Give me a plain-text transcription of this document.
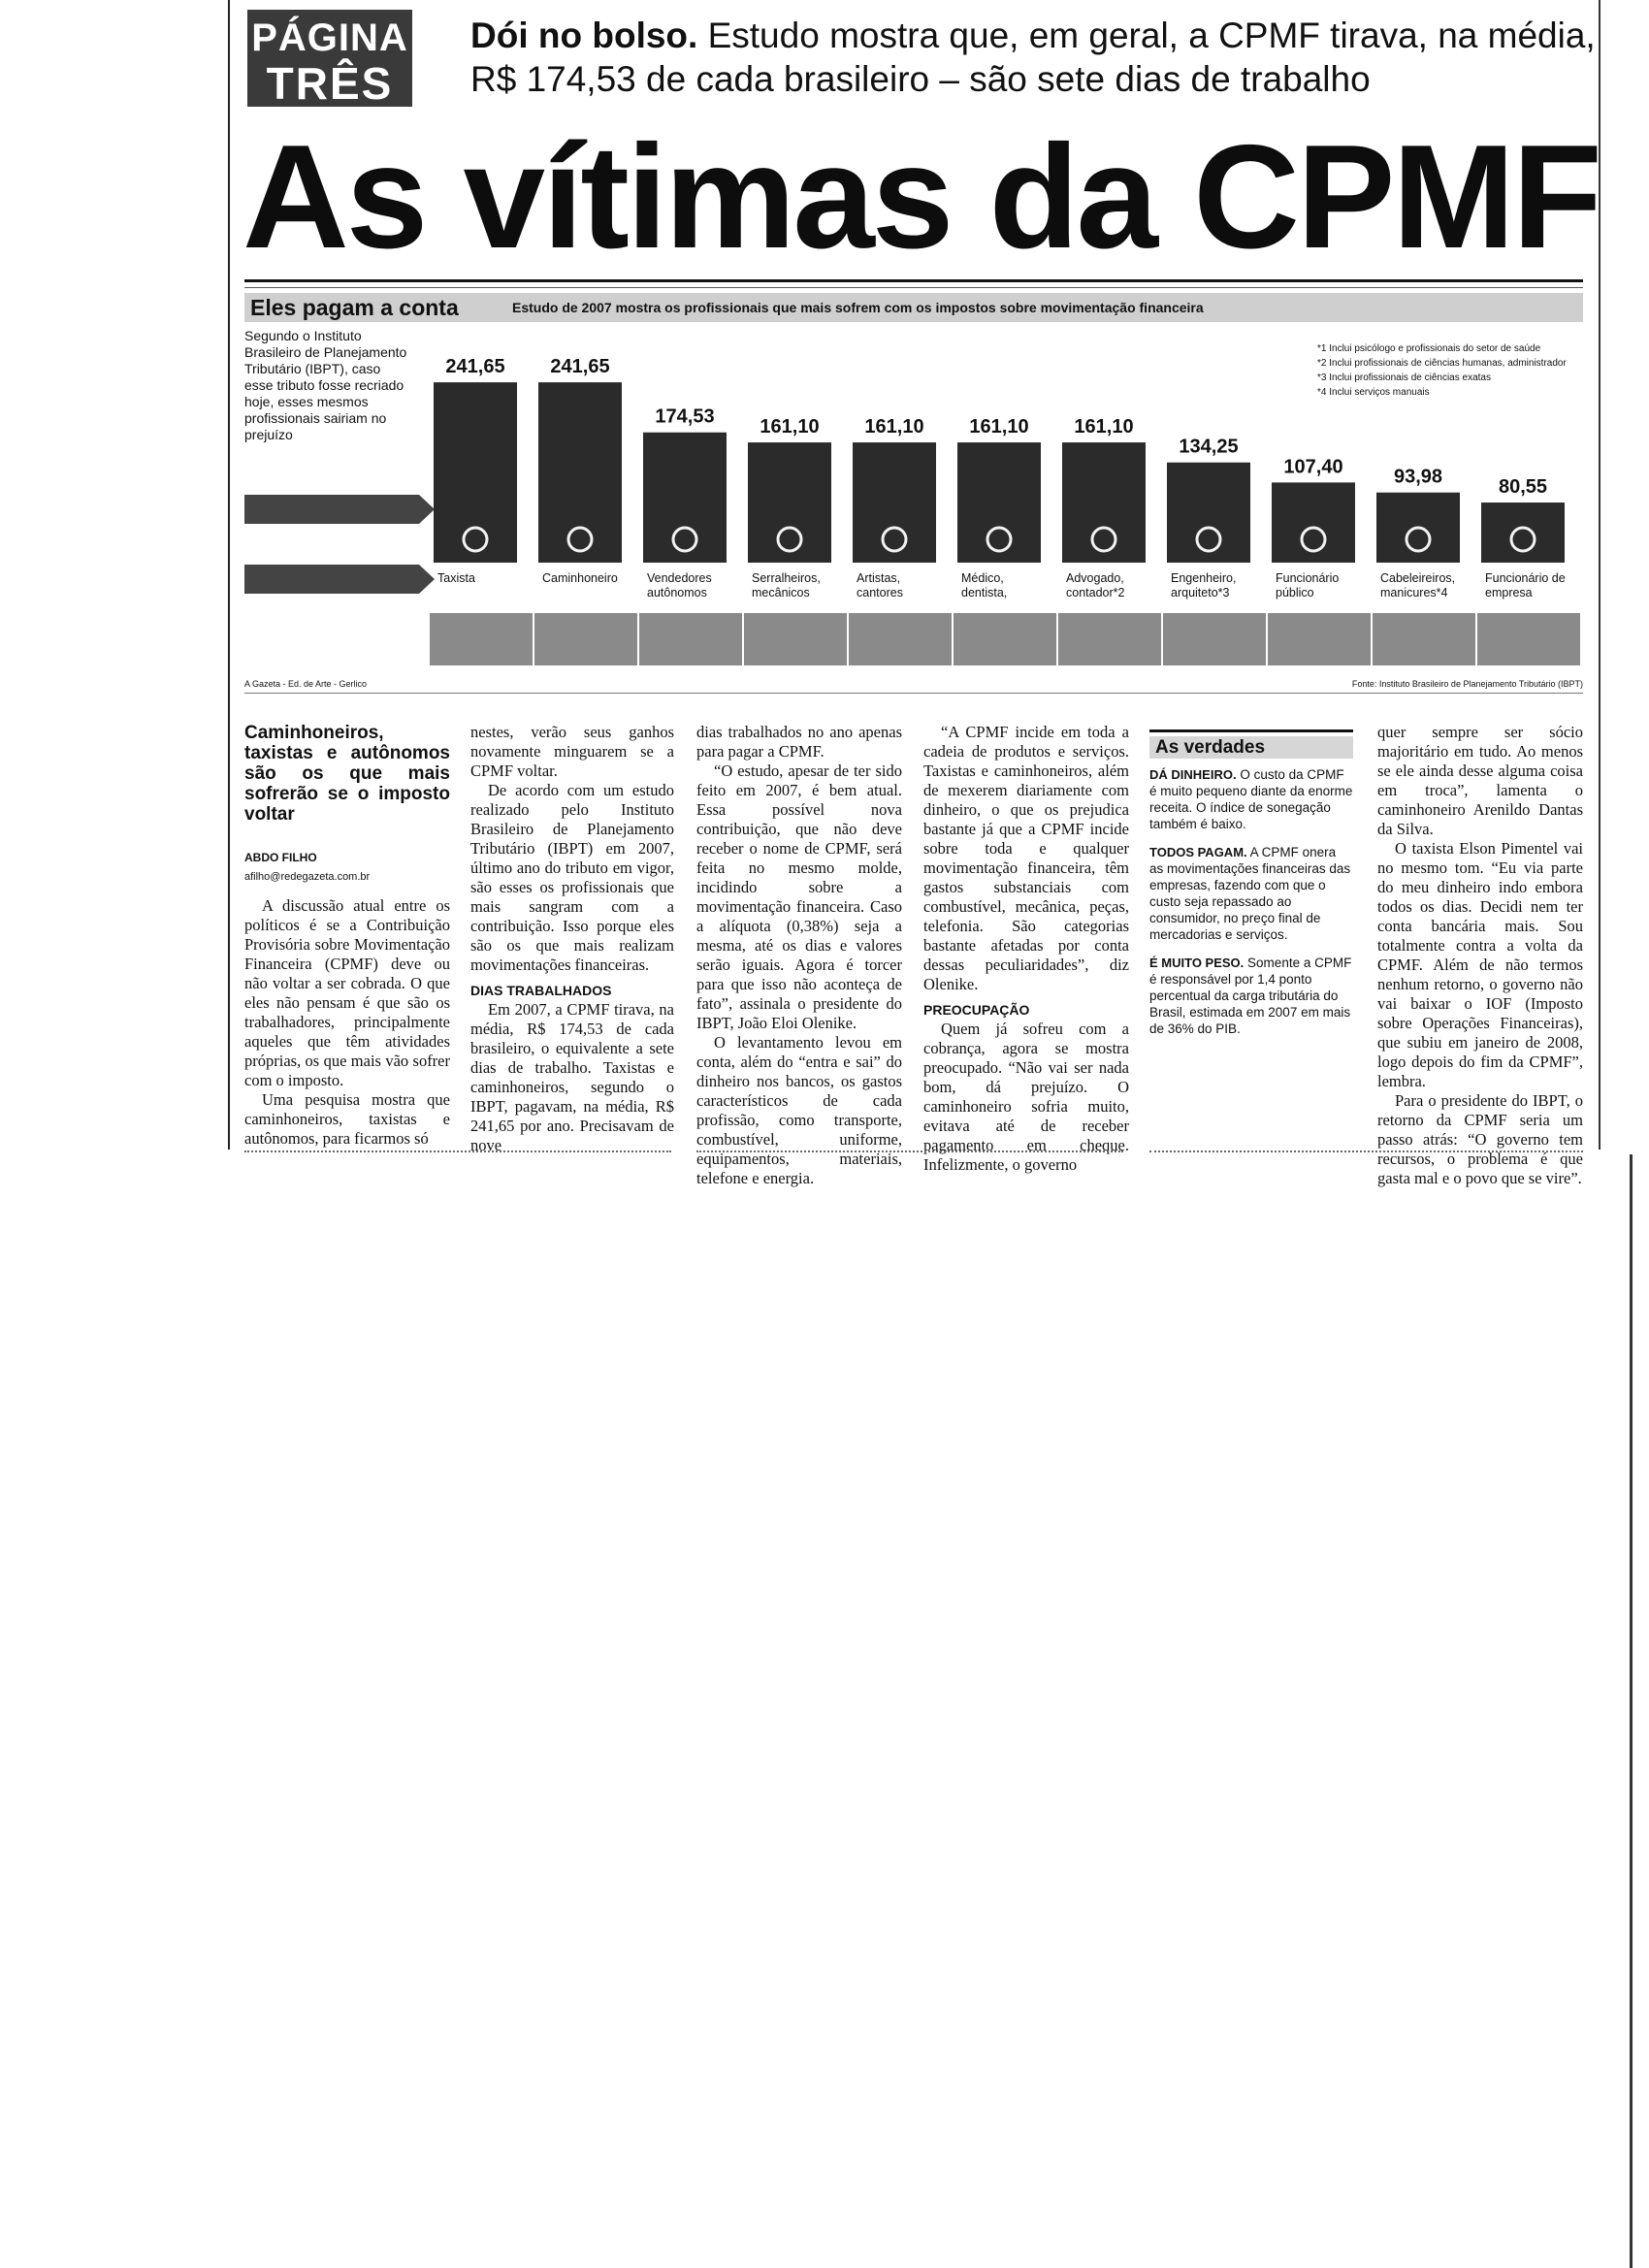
PÁGINA
TRÊS
Dói no bolso. Estudo mostra que, em geral, a CPMF tirava, na média, R$ 174,53 de cada brasileiro – são sete dias de trabalho
As vítimas da CPMF
Eles pagam a conta	Estudo de 2007 mostra os profissionais que mais sofrem com os impostos sobre movimentação financeira
Segundo o Instituto Brasileiro de Planejamento Tributário (IBPT), caso esse tributo fosse recriado hoje, esses mesmos profissionais sairiam no prejuízo
*1 Inclui psicólogo e profissionais do setor de saúde
*2 Inclui profissionais de ciências humanas, administrador
*3 Inclui profissionais de ciências exatas
*4 Inclui serviços manuais
241,65
Taxista
241,65
Caminhoneiro
174,53
Vendedores autônomos
161,10
Serralheiros, mecânicos
161,10
Artistas, cantores
161,10
Médico, dentista,
161,10
Advogado, contador*2
134,25
Engenheiro, arquiteto*3
107,40
Funcionário público
93,98
Cabeleireiros, manicures*4
80,55
Funcionário de empresa
A Gazeta - Ed. de Arte - Gerlico	Fonte: Instituto Brasileiro de Planejamento Tributário (IBPT)
Caminhoneiros, taxistas e autônomos são os que mais sofrerão se o imposto voltar
ABDO FILHO
afilho@redegazeta.com.br

A discussão atual entre os políticos é se a Contribuição Provisória sobre Movimentação Financeira (CPMF) deve ou não voltar a ser cobrada. O que eles não pensam é que são os trabalhadores, principalmente aqueles que têm atividades próprias, os que mais vão sofrer com o imposto.

Uma pesquisa mostra que caminhoneiros, taxistas e autônomos, para ficarmos só

nestes, verão seus ganhos novamente minguarem se a CPMF voltar.

De acordo com um estudo realizado pelo Instituto Brasileiro de Planejamento Tributário (IBPT) em 2007, último ano do tributo em vigor, são esses os profissionais que mais sangram com a contribuição. Isso porque eles são os que mais realizam movimentações financeiras.

DIAS TRABALHADOS

Em 2007, a CPMF tirava, na média, R$ 174,53 de cada brasileiro, o equivalente a sete dias de trabalho. Taxistas e caminhoneiros, segundo o IBPT, pagavam, na média, R$ 241,65 por ano. Precisavam de nove

dias trabalhados no ano apenas para pagar a CPMF.

“O estudo, apesar de ter sido feito em 2007, é bem atual. Essa possível nova contribuição, que não deve receber o nome de CPMF, será feita no mesmo molde, incidindo sobre a movimentação financeira. Caso a alíquota (0,38%) seja a mesma, até os dias e valores serão iguais. Agora é torcer para que isso não aconteça de fato”, assinala o presidente do IBPT, João Eloi Olenike.

O levantamento levou em conta, além do “entra e sai” do dinheiro nos bancos, os gastos característicos de cada profissão, como transporte, combustível, uniforme, equipamentos, materiais, telefone e energia.

“A CPMF incide em toda a cadeia de produtos e serviços. Taxistas e caminhoneiros, além de mexerem diariamente com dinheiro, o que os prejudica bastante já que a CPMF incide sobre toda e qualquer movimentação financeira, têm gastos substanciais com combustível, mecânica, peças, telefonia. São categorias bastante afetadas por conta dessas peculiaridades”, diz Olenike.

PREOCUPAÇÃO

Quem já sofreu com a cobrança, agora se mostra preocupado. “Não vai ser nada bom, dá prejuízo. O caminhoneiro sofria muito, evitava até de receber pagamento em cheque. Infelizmente, o governo

As verdades

DÁ DINHEIRO. O custo da CPMF é muito pequeno diante da enorme receita. O índice de sonegação também é baixo.

TODOS PAGAM. A CPMF onera as movimentações financeiras das empresas, fazendo com que o custo seja repassado ao consumidor, no preço final de mercadorias e serviços.

É MUITO PESO. Somente a CPMF é responsável por 1,4 ponto percentual da carga tributária do Brasil, estimada em 2007 em mais de 36% do PIB.

quer sempre ser sócio majoritário em tudo. Ao menos se ele ainda desse alguma coisa em troca”, lamenta o caminhoneiro Arenildo Dantas da Silva.

O taxista Elson Pimentel vai no mesmo tom. “Eu via parte do meu dinheiro indo embora todos os dias. Decidi nem ter conta bancária mais. Sou totalmente contra a volta da CPMF. Além de não termos nenhum retorno, o governo não vai baixar o IOF (Imposto sobre Operações Financeiras), que subiu em janeiro de 2008, logo depois do fim da CPMF”, lembra.

Para o presidente do IBPT, o retorno da CPMF seria um passo atrás: “O governo tem recursos, o problema é que gasta mal e o povo que se vire”.
